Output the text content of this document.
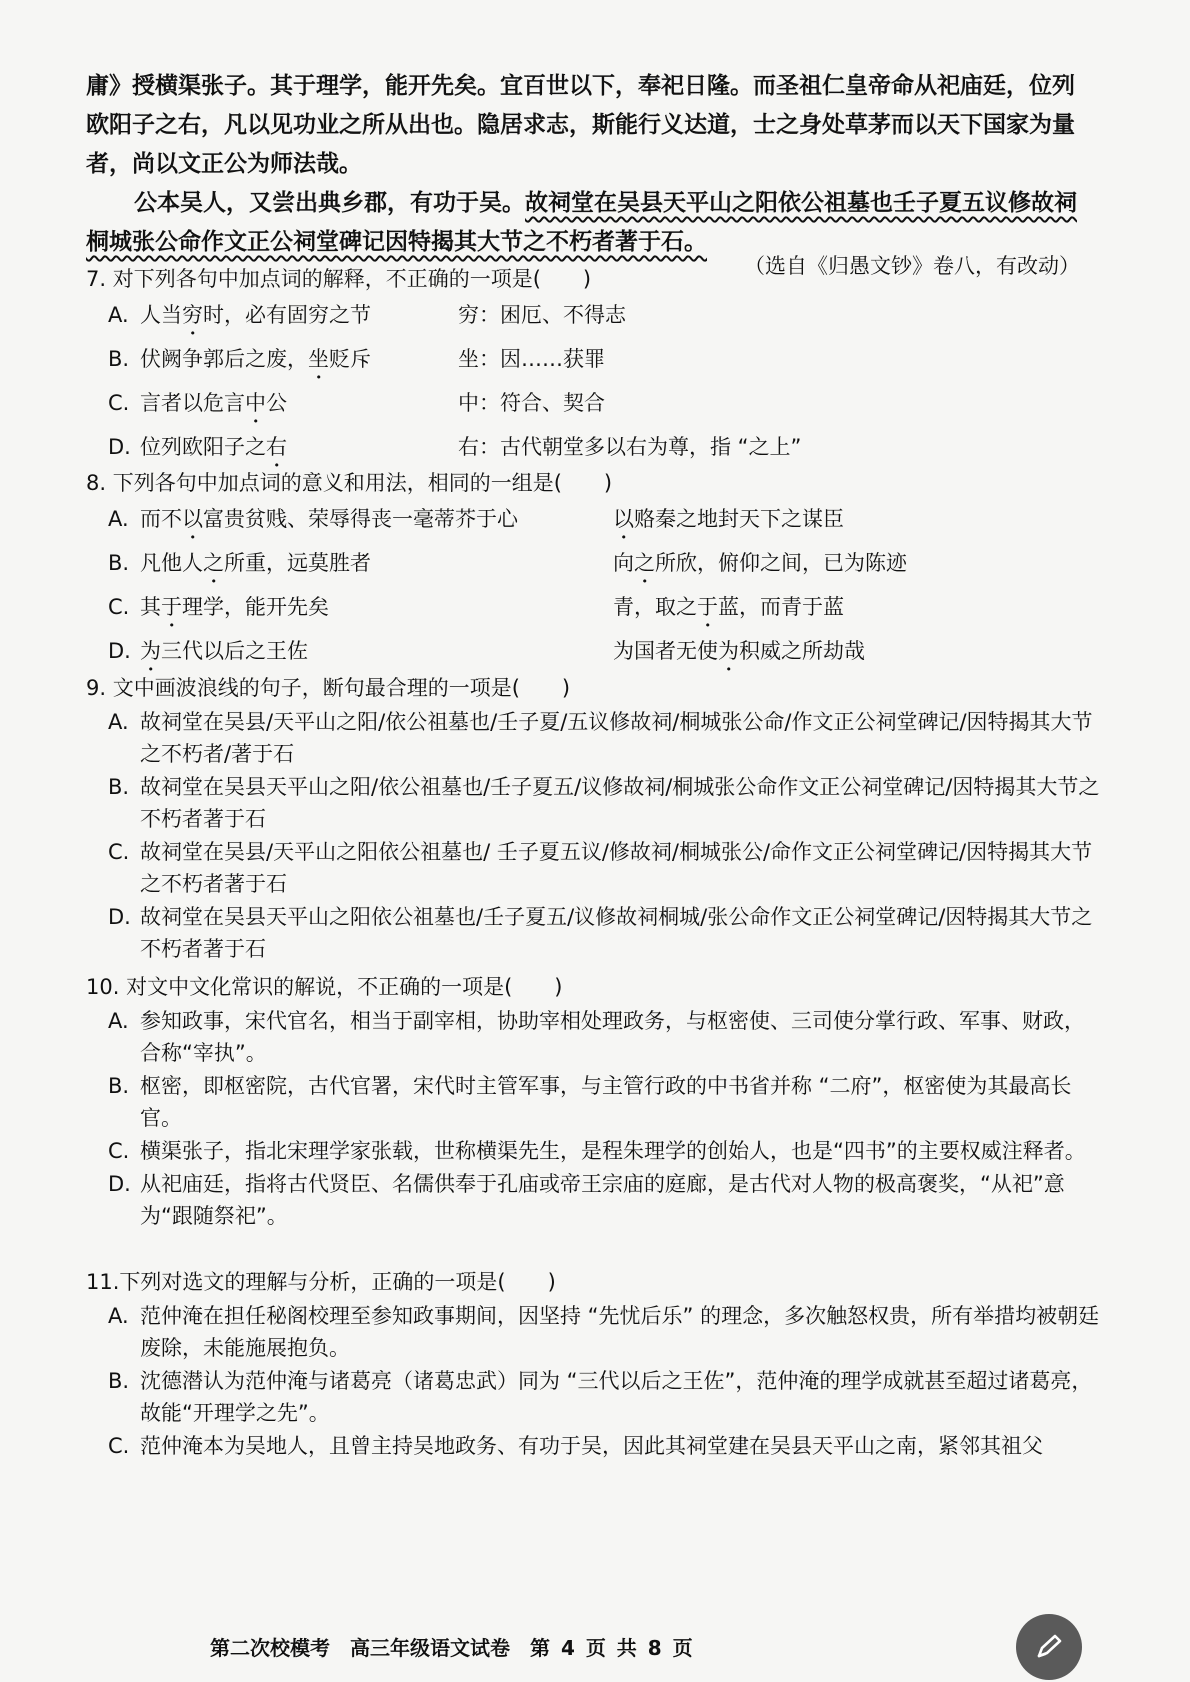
庸》授横渠张子。其于理学，能开先矣。宜百世以下，奉祀日隆。而圣祖仁皇帝命从祀庙廷，位列欧阳子之右，凡以见功业之所从出也。隐居求志，斯能行义达道，士之身处草茅而以天下国家为量者，尚以文正公为师法哉。

公本吴人，又尝出典乡郡，有功于吴。故祠堂在吴县天平山之阳依公祖墓也壬子夏五议修故祠桐城张公命作文正公祠堂碑记因特揭其大节之不朽者著于石。

（选自《归愚文钞》卷八，有改动）
7. 对下列各句中加点词的解释，不正确的一项是(　　)
A. 人当穷时，必有固穷之节	穷：困厄、不得志
B. 伏阙争郭后之废，坐贬斥	坐：因……获罪
C. 言者以危言中公	中：符合、契合
D. 位列欧阳子之右	右：古代朝堂多以右为尊，指 “之上”
8. 下列各句中加点词的意义和用法，相同的一组是(　　)
A. 而不以富贵贫贱、荣辱得丧一毫蒂芥于心	以赂秦之地封天下之谋臣
B. 凡他人之所重，远莫胜者	向之所欣，俯仰之间，已为陈迹
C. 其于理学，能开先矣	青，取之于蓝，而青于蓝
D. 为三代以后之王佐	为国者无使为积威之所劫哉
9. 文中画波浪线的句子，断句最合理的一项是(　　)
A. 故祠堂在吴县/天平山之阳/依公祖墓也/壬子夏/五议修故祠/桐城张公命/作文正公祠堂碑记/因特揭其大节之不朽者/著于石
B. 故祠堂在吴县天平山之阳/依公祖墓也/壬子夏五/议修故祠/桐城张公命作文正公祠堂碑记/因特揭其大节之不朽者著于石
C. 故祠堂在吴县/天平山之阳依公祖墓也/ 壬子夏五议/修故祠/桐城张公/命作文正公祠堂碑记/因特揭其大节之不朽者著于石
D. 故祠堂在吴县天平山之阳依公祖墓也/壬子夏五/议修故祠桐城/张公命作文正公祠堂碑记/因特揭其大节之不朽者著于石
10. 对文中文化常识的解说，不正确的一项是(　　)
A. 参知政事，宋代官名，相当于副宰相，协助宰相处理政务，与枢密使、三司使分掌行政、军事、财政，合称“宰执”。
B. 枢密，即枢密院，古代官署，宋代时主管军事，与主管行政的中书省并称 “二府”，枢密使为其最高长官。
C. 横渠张子，指北宋理学家张载，世称横渠先生，是程朱理学的创始人，也是“四书”的主要权威注释者。
D. 从祀庙廷，指将古代贤臣、名儒供奉于孔庙或帝王宗庙的庭廊，是古代对人物的极高褒奖，“从祀”意为“跟随祭祀”。
11.下列对选文的理解与分析，正确的一项是(　　)
A. 范仲淹在担任秘阁校理至参知政事期间，因坚持 “先忧后乐” 的理念，多次触怒权贵，所有举措均被朝廷废除，未能施展抱负。
B. 沈德潜认为范仲淹与诸葛亮（诸葛忠武）同为 “三代以后之王佐”，范仲淹的理学成就甚至超过诸葛亮，故能“开理学之先”。
C. 范仲淹本为吴地人，且曾主持吴地政务、有功于吴，因此其祠堂建在吴县天平山之南，紧邻其祖父
第二次校模考　高三年级语文试卷　第 4 页 共 8 页
